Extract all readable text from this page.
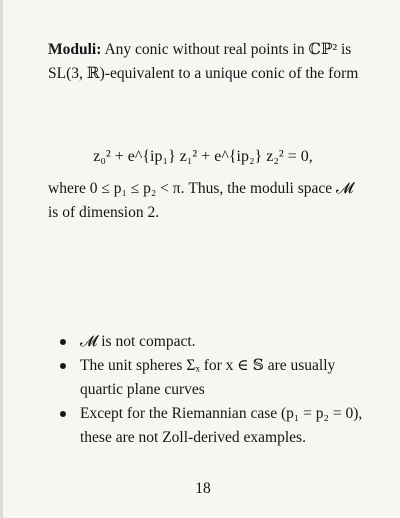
Moduli: Any conic without real points in ℂℙ² is SL(3, ℝ)-equivalent to a unique conic of the form
z₀² + e^{ip₁} z₁² + e^{ip₂} z₂² = 0,
where 0 ≤ p₁ ≤ p₂ < π. Thus, the moduli space 𝓜 is of dimension 2.
𝓜 is not compact.
The unit spheres Σₓ for x ∈ 𝕊 are usually quartic plane curves
Except for the Riemannian case (p₁ = p₂ = 0), these are not Zoll-derived examples.
18
